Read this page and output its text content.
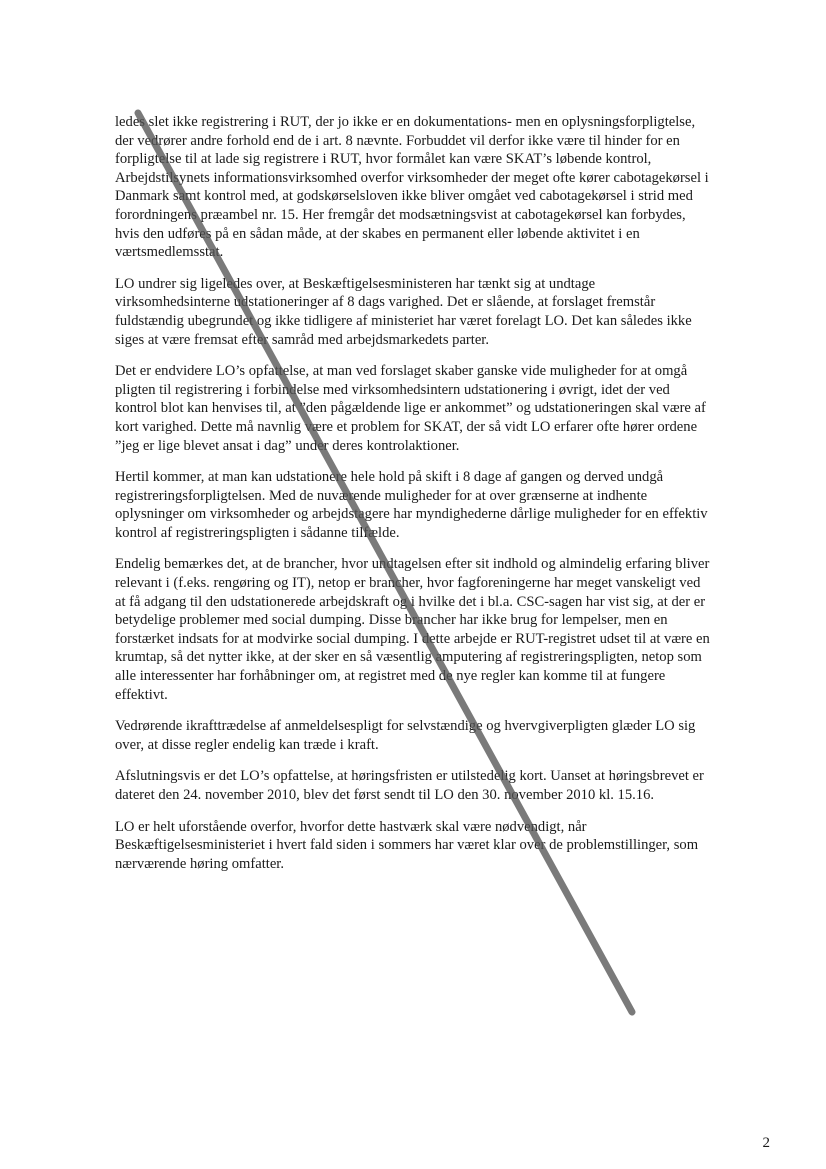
ledes slet ikke registrering i RUT, der jo ikke er en dokumentations- men en oplysningsforpligtelse, der vedrører andre forhold end de i art. 8 nævnte. Forbuddet vil derfor ikke være til hinder for en forpligtelse til at lade sig registrere i RUT, hvor formålet kan være SKAT’s løbende kontrol, Arbejdstilsynets informationsvirksomhed overfor virksomheder der meget ofte kører cabotagekørsel i Danmark samt kontrol med, at godskørselsloven ikke bliver omgået ved cabotagekørsel i strid med forordningens præambel nr. 15. Her fremgår det modsætningsvist at cabotagekørsel kan forbydes, hvis den udføres på en sådan måde, at der skabes en permanent eller løbende aktivitet i en værtsmedlemsstat.

LO undrer sig ligeledes over, at Beskæftigelsesministeren har tænkt sig at undtage virksomhedsinterne udstationeringer af 8 dags varighed. Det er slående, at forslaget fremstår fuldstændig ubegrundet og ikke tidligere af ministeriet har været forelagt LO. Det kan således ikke siges at være fremsat efter samråd med arbejdsmarkedets parter.

Det er endvidere LO’s opfattelse, at man ved forslaget skaber ganske vide muligheder for at omgå pligten til registrering i forbindelse med virksomhedsintern udstationering i øvrigt, idet der ved kontrol blot kan henvises til, at ”den pågældende lige er ankommet” og udstationeringen skal være af kort varighed. Dette må navnlig være et problem for SKAT, der så vidt LO erfarer ofte hører ordene ”jeg er lige blevet ansat i dag” under deres kontrolaktioner.

Hertil kommer, at man kan udstationere hele hold på skift i 8 dage af gangen og derved undgå registreringsforpligtelsen. Med de nuværende muligheder for at over grænserne at indhente oplysninger om virksomheder og arbejdstagere har myndighederne dårlige muligheder for en effektiv kontrol af registreringspligten i sådanne tilfælde.

Endelig bemærkes det, at de brancher, hvor undtagelsen efter sit indhold og almindelig erfaring bliver relevant i (f.eks. rengøring og IT), netop er brancher, hvor fagforeningerne har meget vanskeligt ved at få adgang til den udstationerede arbejdskraft og i hvilke det i bl.a. CSC-sagen har vist sig, at der er betydelige problemer med social dumping. Disse brancher har ikke brug for lempelser, men en forstærket indsats for at modvirke social dumping. I dette arbejde er RUT-registret udset til at være en krumtap, så det nytter ikke, at der sker en så væsentlig amputering af registreringspligten, netop som alle interessenter har forhåbninger om, at registret med de nye regler kan komme til at fungere effektivt.

Vedrørende ikrafttrædelse af anmeldelsespligt for selvstændige og hvervgiverpligten glæder LO sig over, at disse regler endelig kan træde i kraft.

Afslutningsvis er det LO’s opfattelse, at høringsfristen er utilstedelig kort. Uanset at høringsbrevet er dateret den 24. november 2010, blev det først sendt til LO den 30. november 2010 kl. 15.16.

LO er helt uforstående overfor, hvorfor dette hastværk skal være nødvendigt, når Beskæftigelsesministeriet i hvert fald siden i sommers har været klar over de problemstillinger, som nærværende høring omfatter.

2
